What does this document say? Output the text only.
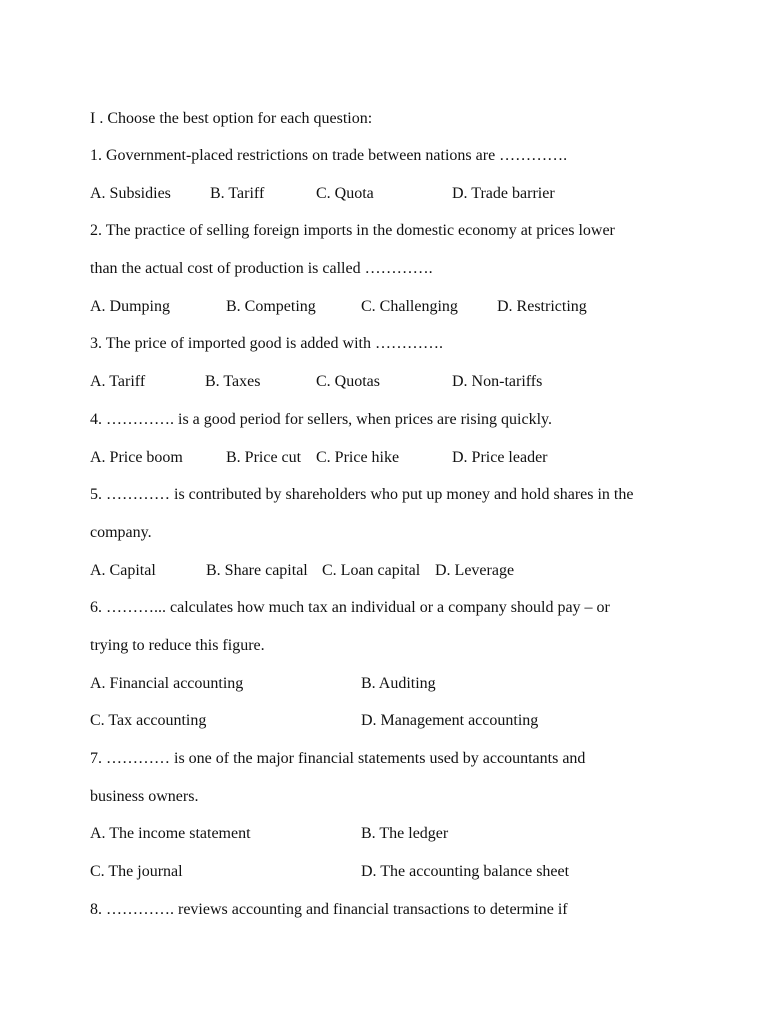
I . Choose the best option for each question:
1. Government-placed restrictions on trade between nations are ………….
A. Subsidies B. Tariff	C. Quota	D. Trade barrier
2. The practice of selling foreign imports in the domestic economy at prices lower
than the actual cost of production is called ………….
A. Dumping	B. Competing	C. Challenging D. Restricting
3. The price of imported good is added with ………….
A. Tariff	B. Taxes	C. Quotas	D. Non-tariffs
4. …………. is a good period for sellers, when prices are rising quickly.
A. Price boom	B. Price cut C. Price hike	D. Price leader
5. ………… is contributed by shareholders who put up money and hold shares in the
company.
A. Capital	B. Share capital C. Loan capital D. Leverage
6. ………... calculates how much tax an individual or a company should pay – or
trying to reduce this figure.
A. Financial accounting	B. Auditing
C. Tax accounting	D. Management accounting
7. ………… is one of the major financial statements used by accountants and
business owners.
A. The income statement	B. The ledger
C. The journal	D. The accounting balance sheet
8. …………. reviews accounting and financial transactions to determine if
